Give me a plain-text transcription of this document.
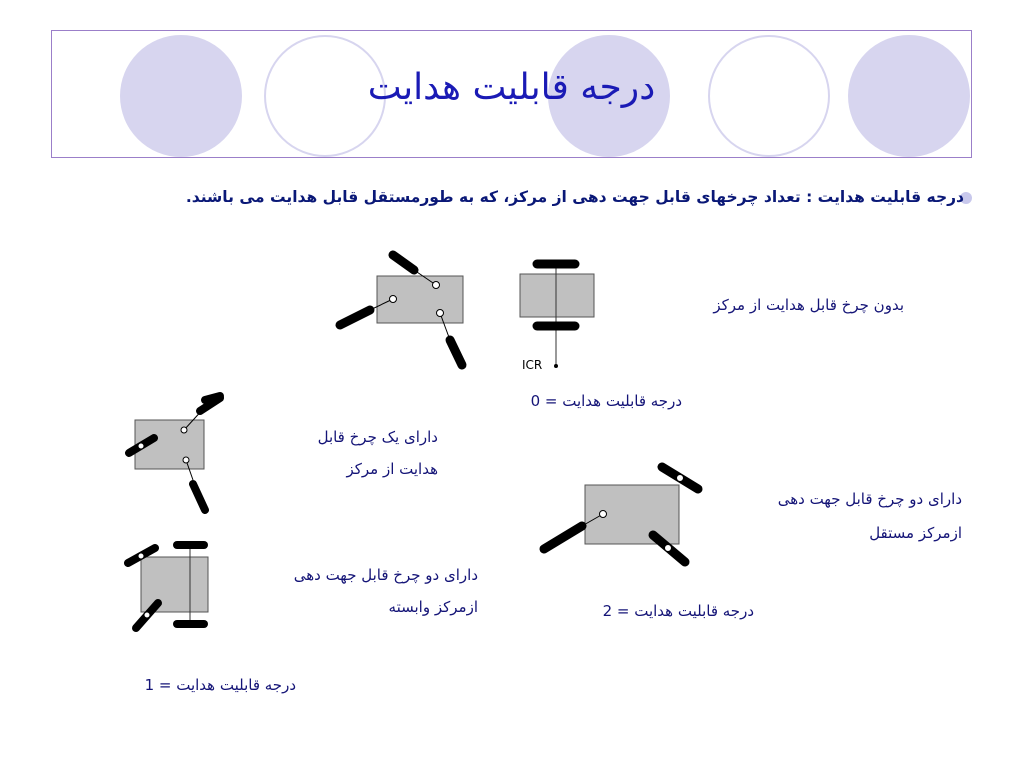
درجه قابلیت هدایت
درجه قابلیت هدایت : تعداد چرخهای قابل جهت دهی از مرکز، که به طورمستقل قابل هدایت می باشند.
بدون چرخ قابل هدایت از مرکز
ICR
درجه قابلیت هدایت = 0
دارای یک چرخ قابل
هدایت از مرکز
دارای دو چرخ قابل جهت دهی
ازمرکز مستقل
دارای دو چرخ قابل جهت دهی
ازمرکز وابسته	درجه قابلیت هدایت = 2
درجه قابلیت هدایت = 1
